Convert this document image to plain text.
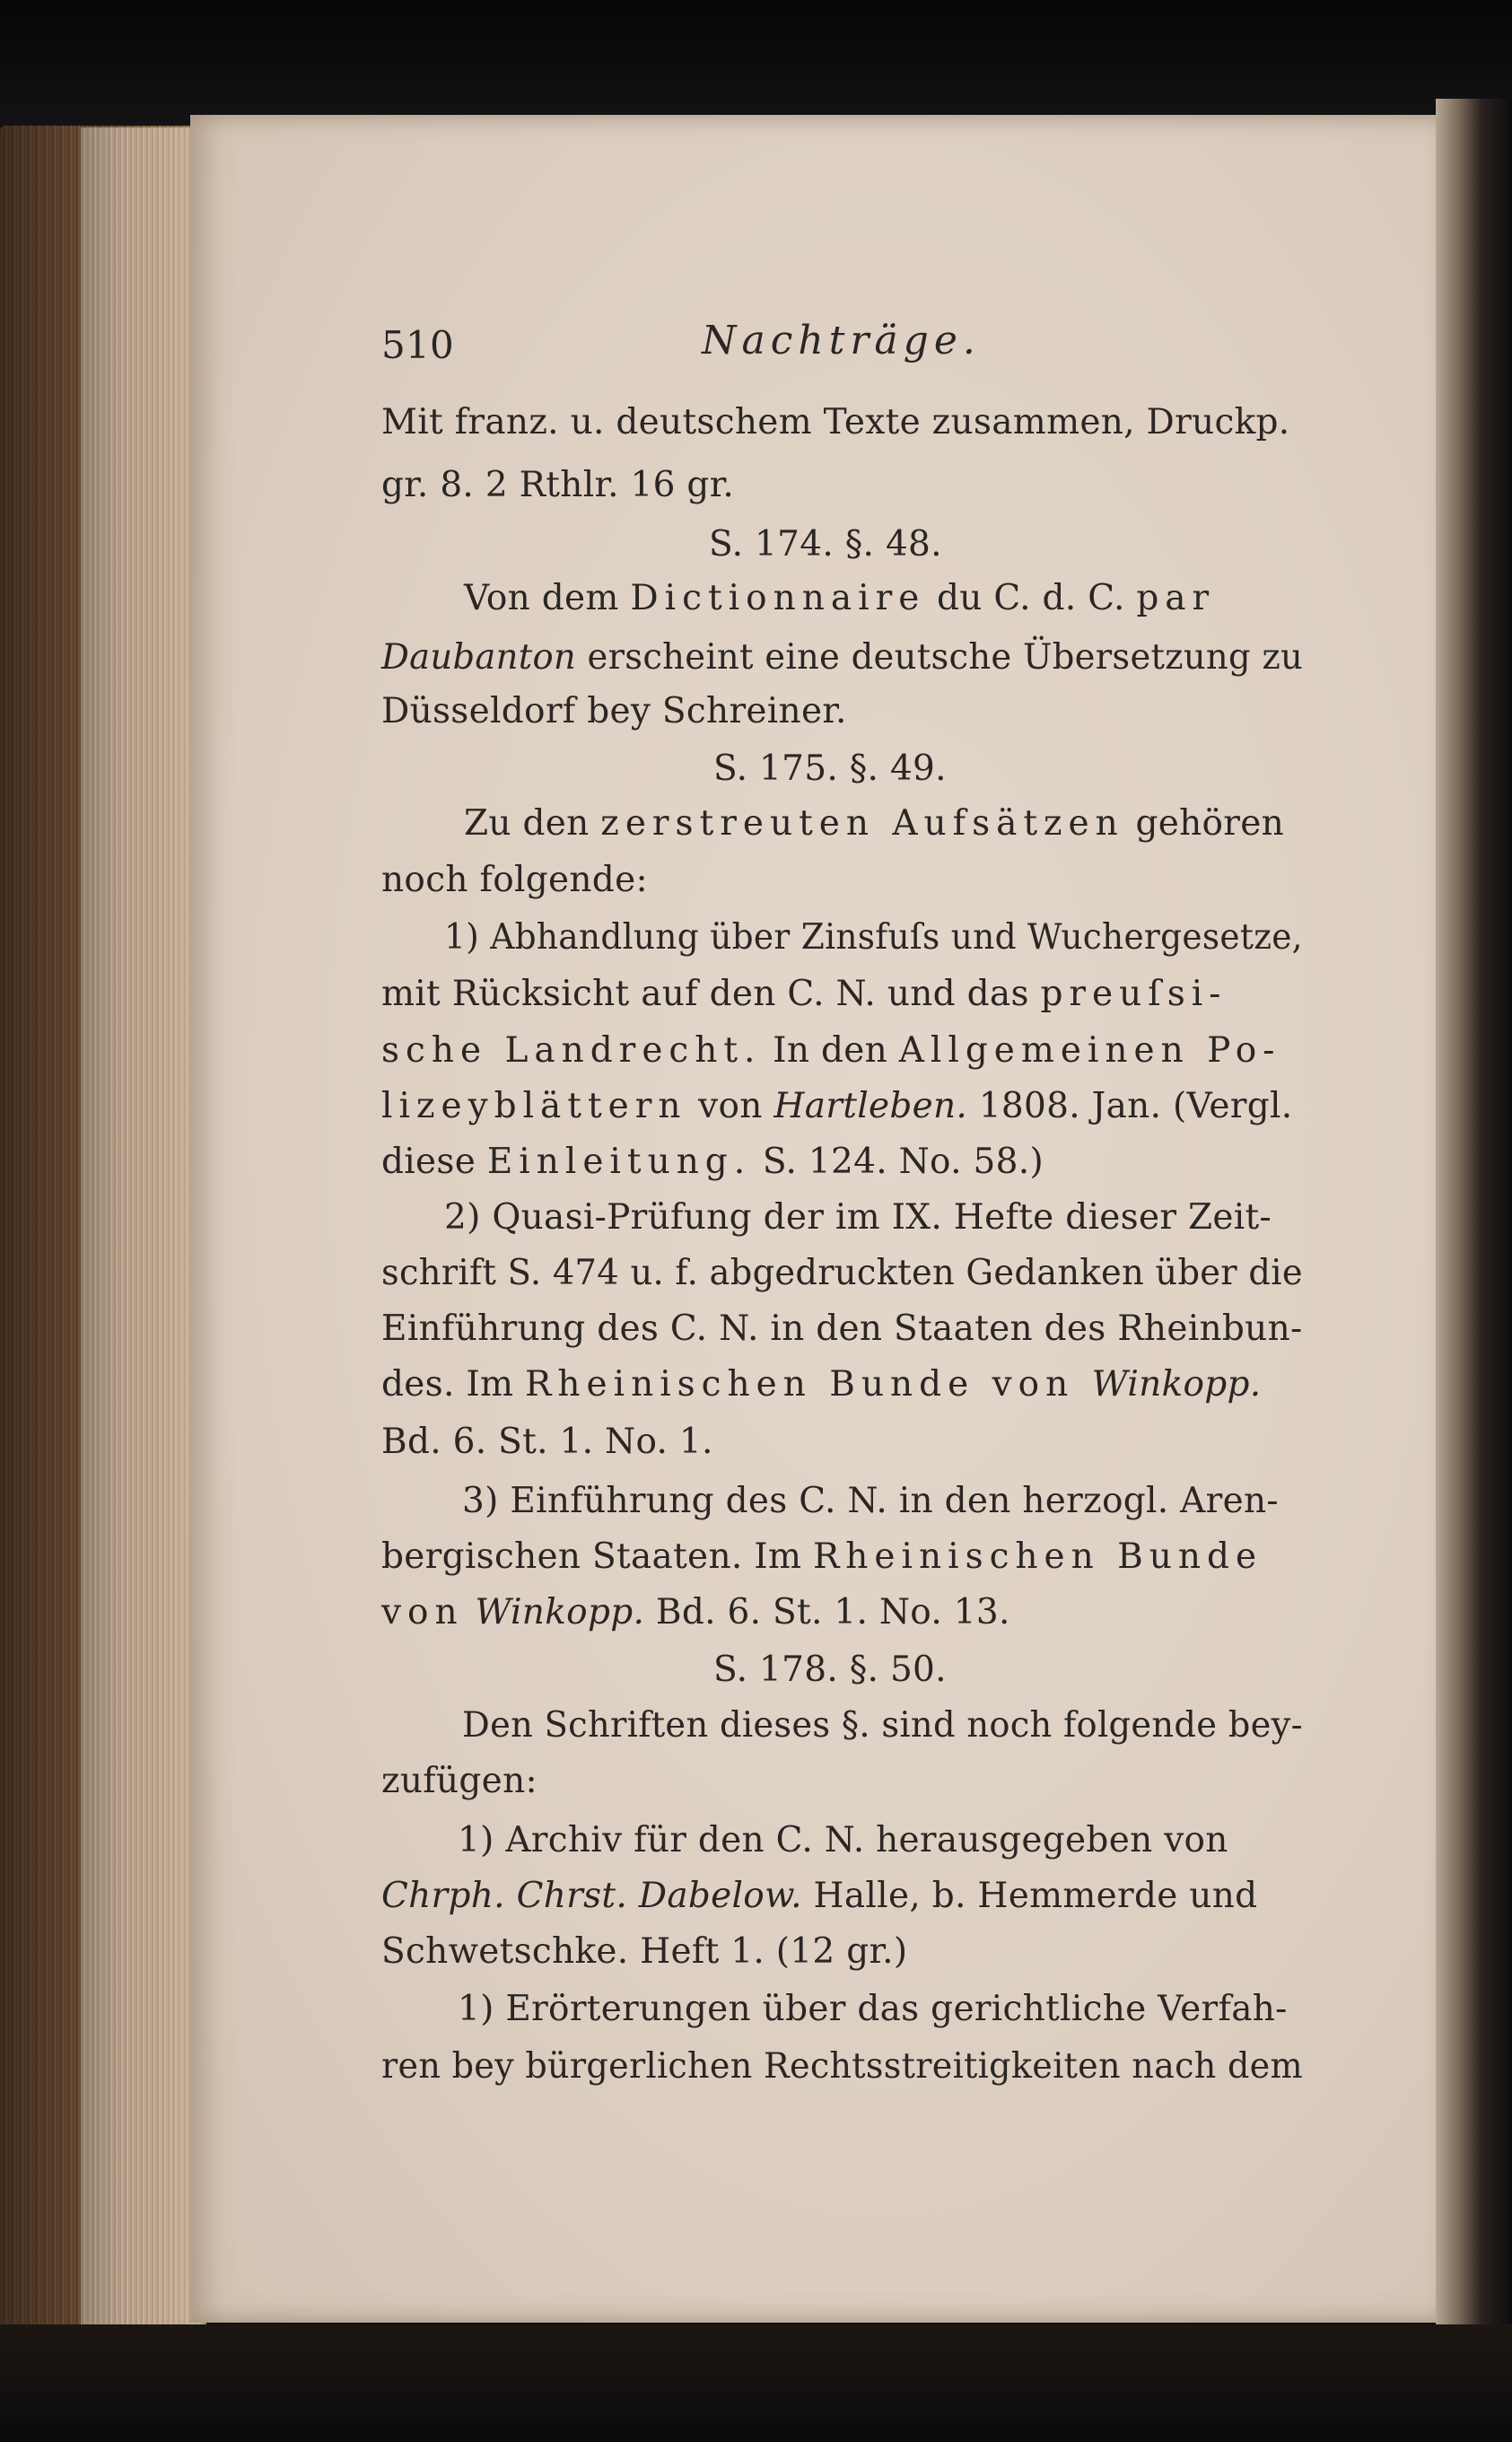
510	Nachträge.
Mit franz. u. deutschem Texte zusammen, Druckp.
gr. 8. 2 Rthlr. 16 gr.
S. 174. §. 48.
Von dem Dictionnaire du C. d. C. par
Daubanton erscheint eine deutsche Übersetzung zu
Düsseldorf bey Schreiner.
S. 175. §. 49.
Zu den zerstreuten Aufsätzen gehören
noch folgende:
1) Abhandlung über Zinsfuſs und Wuchergesetze,
mit Rücksicht auf den C. N. und das preuſsi-
sche Landrecht. In den Allgemeinen Po-
lizeyblättern von Hartleben. 1808. Jan. (Vergl.
diese Einleitung. S. 124. No. 58.)
2) Quasi-Prüfung der im IX. Hefte dieser Zeit-
schrift S. 474 u. f. abgedruckten Gedanken über die
Einführung des C. N. in den Staaten des Rheinbun-
des. Im Rheinischen Bunde von Winkopp.
Bd. 6. St. 1. No. 1.
3) Einführung des C. N. in den herzogl. Aren-
bergischen Staaten. Im Rheinischen Bunde
von Winkopp. Bd. 6. St. 1. No. 13.
S. 178. §. 50.
Den Schriften dieses §. sind noch folgende bey-
zufügen:
1) Archiv für den C. N. herausgegeben von
Chrph. Chrst. Dabelow. Halle, b. Hemmerde und
Schwetschke. Heft 1. (12 gr.)
1) Erörterungen über das gerichtliche Verfah-
ren bey bürgerlichen Rechtsstreitigkeiten nach dem
